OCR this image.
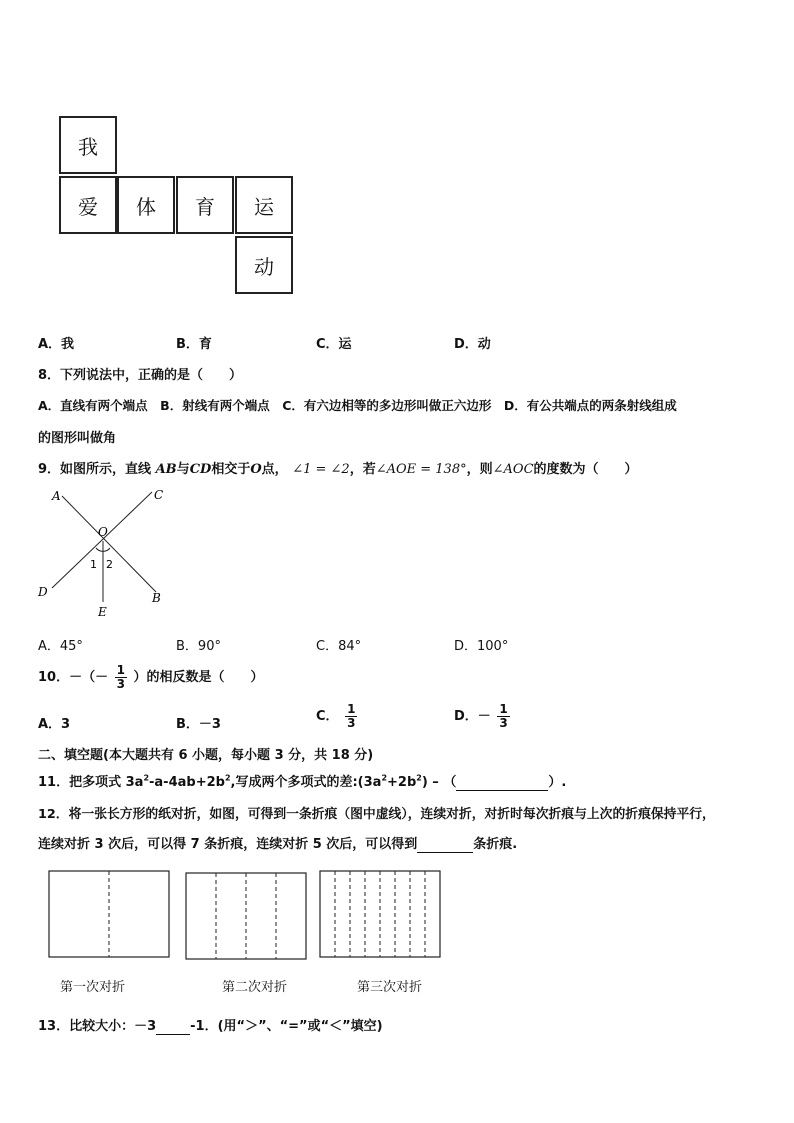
我
爱	体	育	运
动
A．我	B．育	C．运	D．动
8．下列说法中，正确的是（　　）
A．直线有两个端点　B．射线有两个端点　C．有六边相等的多边形叫做正六边形　D．有公共端点的两条射线组成
的图形叫做角
9．如图所示，直线 AB与CD相交于O点， ∠1 = ∠2，若∠AOE = 138°，则∠AOC的度数为（　　）
A	C
O
1 2
D	B
E
A．45°	B．90°	C．84°	D．100°
10．－（－ $\frac{1}{3}$ ）的相反数是（　　）
A．3	B．－3
C． $\frac{1}{3}$	D．－ $\frac{1}{3}$
二、填空题(本大题共有 6 小题，每小题 3 分，共 18 分)
11．把多项式 $3a^2-a-4ab+2b^2$,写成两个多项式的差$:(3a^2+2b^2)$ – （	）.
12．将一张长方形的纸对折，如图，可得到一条折痕（图中虚线），连续对折，对折时每次折痕与上次的折痕保持平行，
连续对折 3 次后，可以得 7 条折痕，连续对折 5 次后，可以得到	条折痕.
第一次对折	第二次对折	第三次对折
13．比较大小：－3	-1．(用“＞”、“=”或“＜”填空)
